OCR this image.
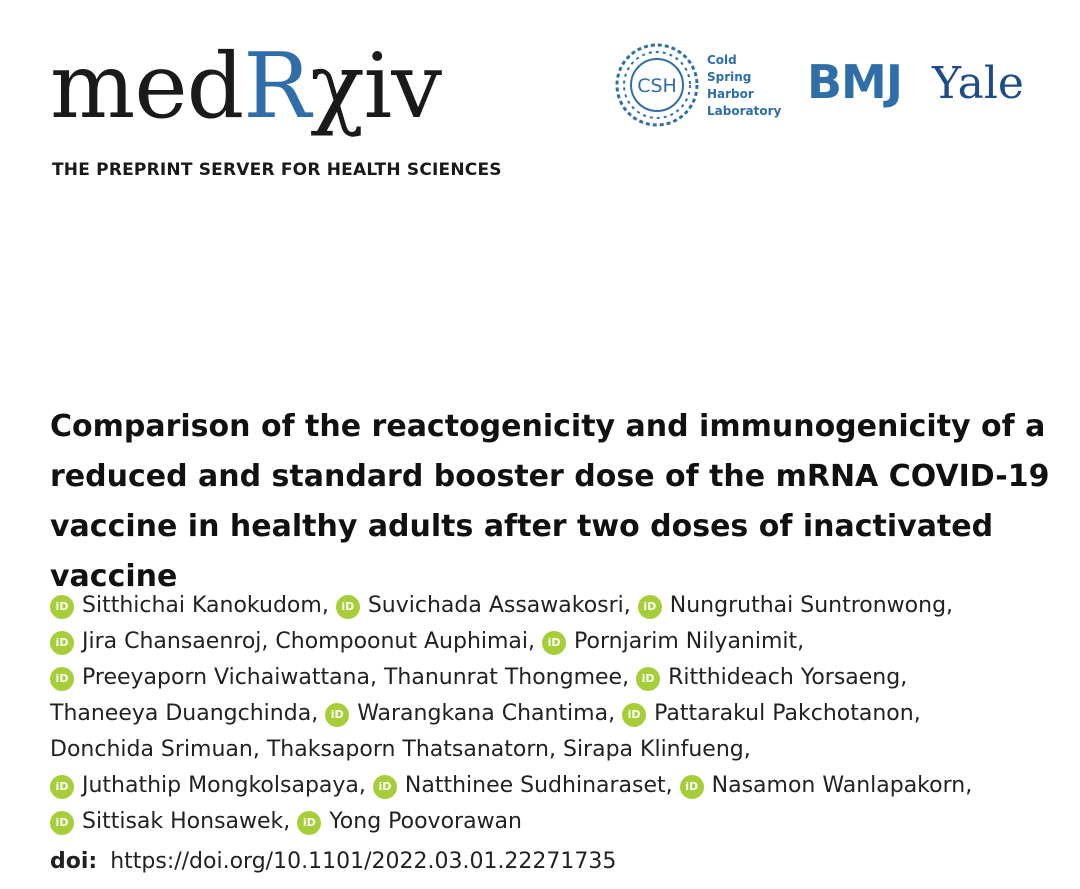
medRχiv
THE PREPRINT SERVER FOR HEALTH SCIENCES
CSH
Cold
Spring
Harbor
Laboratory
BMJ Yale
Comparison of the reactogenicity and immunogenicity of a reduced and standard booster dose of the mRNA COVID-19 vaccine in healthy adults after two doses of inactivated vaccine
iD Sitthichai Kanokudom, iD Suvichada Assawakosri, iD Nungruthai Suntronwong, iD Jira Chansaenroj, Chompoonut Auphimai, iD Pornjarim Nilyanimit, iD Preeyaporn Vichaiwattana, Thanunrat Thongmee, iD Ritthideach Yorsaeng, Thaneeya Duangchinda, iD Warangkana Chantima, iD Pattarakul Pakchotanon, Donchida Srimuan, Thaksaporn Thatsanatorn, Sirapa Klinfueng, iD Juthathip Mongkolsapaya, iD Natthinee Sudhinaraset, iD Nasamon Wanlapakorn, iD Sittisak Honsawek, iD Yong Poovorawan
doi: https://doi.org/10.1101/2022.03.01.22271735
